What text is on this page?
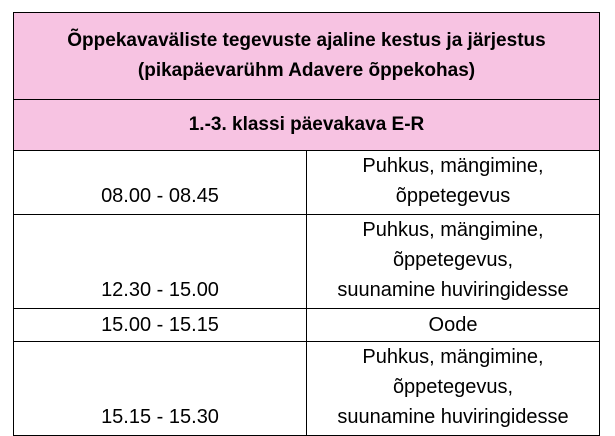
Õppekavaväliste tegevuste ajaline kestus ja järjestus
(pikapäevarühm Adavere õppekohas)	

1.-3. klassi päevakava E-R	
08.00 - 08.45	Puhkus, mängimine, õppetegevus

12.30 - 15.00	Puhkus, mängimine, õppetegevus,
suunamine huviringidesse

15.00 - 15.15	Oode

15.15 - 15.30	Puhkus, mängimine, õppetegevus,
suunamine huviringidesse
